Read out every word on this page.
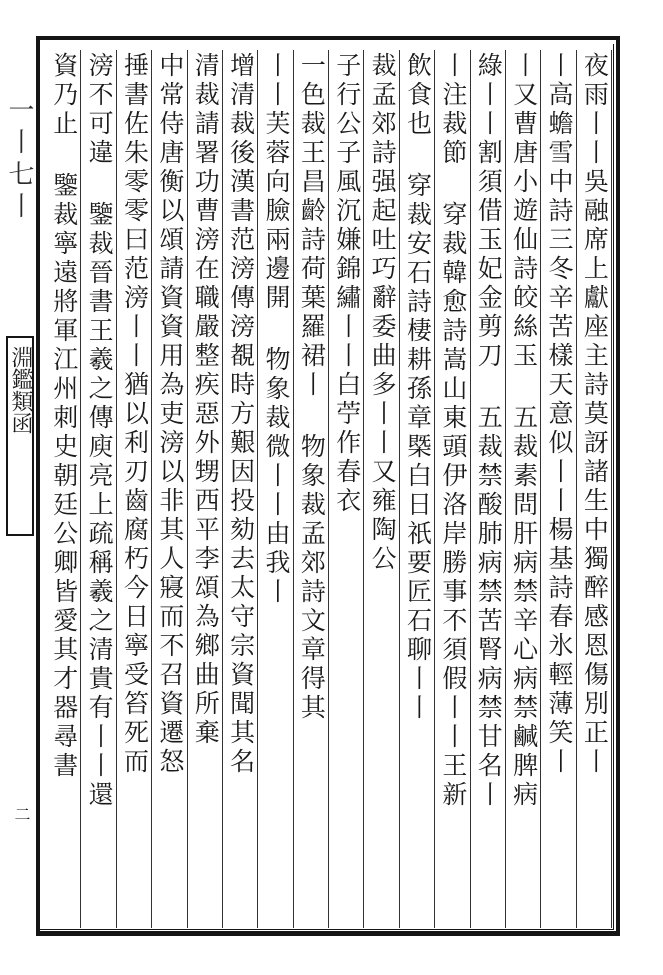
一丨七丨
淵鑑類函
二
夜雨丨丨吳融席上獻座主詩莫訝諸生中獨醉感恩傷別正丨
丨高蟾雪中詩三冬辛苦樣天意似丨丨楊基詩春氷輕薄笑丨
丨又曹唐小遊仙詩皎絲玉 五裁素問肝病禁辛心病禁鹹脾病
綠丨丨割須借玉妃金剪刀 五裁禁酸肺病禁苦腎病禁甘名丨
丨注裁節 穿裁韓愈詩嵩山東頭伊洛岸勝事不須假丨丨王新
飲食也 穿裁安石詩棲耕孫章槩白日祇要匠石聊丨丨
裁孟郊詩强起吐巧辭委曲多丨丨又雍陶公
子行公子風沉嫌錦繡丨丨白苧作春衣
一色裁王昌齡詩荷葉羅裙丨 物象裁孟郊詩文章得其
丨丨芙蓉向臉兩邊開 物象裁微丨丨由我丨
增清裁後漢書范滂傳滂覩時方艱因投劾去太守宗資聞其名
清裁請署功曹滂在職嚴整疾惡外甥西平李頌為鄉曲所棄
中常侍唐衡以頌請資資用為吏滂以非其人寢而不召資遷怒
捶書佐朱零零曰范滂丨丨猶以利刃齒腐朽今日寧受笞死而
滂不可違 鑒裁晉書王羲之傳庾亮上疏稱羲之清貴有丨丨還
資乃止 鑒裁寧遠將軍江州刺史朝廷公卿皆愛其才器尋書
